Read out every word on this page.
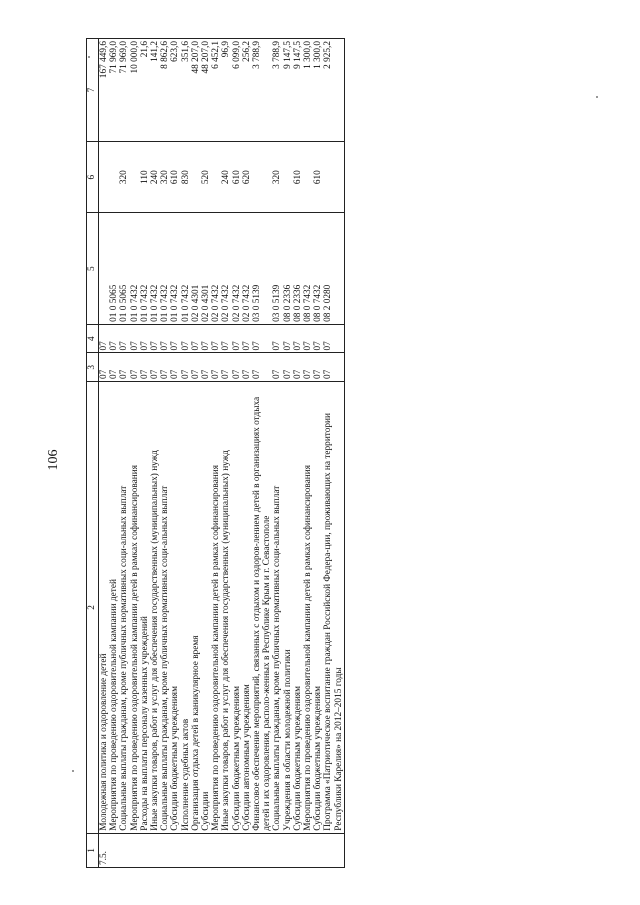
106
1	2	3	4	5	6	7
7.5.	Молодежная политика и оздоровление детей	07	07			167 449,6
	Мероприятия по проведению оздоровительной кампании детей	07	07	01 0 5065		71 969,0
	Социальные выплаты гражданам, кроме публичных нормативных соци-альных выплат	07	07	01 0 5065	320	71 969,0
	Мероприятия по проведению оздоровительной кампании детей в рамках софинансирования	07	07	01 0 7432		10 000,0
	Расходы на выплаты персоналу казенных учреждений	07	07	01 0 7432	110	21,6
	Иные закупки товаров, работ и услуг для обеспечения государственных (муниципальных) нужд	07	07	01 0 7432	240	141,2
	Социальные выплаты гражданам, кроме публичных нормативных соци-альных выплат	07	07	01 0 7432	320	8 862,6
	Субсидии бюджетным учреждениям	07	07	01 0 7432	610	623,0
	Исполнение судебных актов	07	07	01 0 7432	830	351,6
	Организация отдыха детей в каникулярное время	07	07	02 0 4301		48 207,0
	Субсидии	07	07	02 0 4301	520	48 207,0
	Мероприятия по проведению оздоровительной кампании детей в рамках софинансирования	07	07	02 0 7432		6 452,1
	Иные закупки товаров, работ и услуг для обеспечения государственных (муниципальных) нужд	07	07	02 0 7432	240	96,9
	Субсидии бюджетным учреждениям	07	07	02 0 7432	610	6 099,0
	Субсидии автономным учреждениям	07	07	02 0 7432	620	256,2
	Финансовое обеспечение мероприятий, связанных с отдыхом и оздоров-лением детей в организациях отдыха детей и их оздоровления, располо-женных в Республике Крым и г. Севастополе	07	07	03 0 5139		3 788,9
	Социальные выплаты гражданам, кроме публичных нормативных соци-альных выплат	07	07	03 0 5139	320	3 788,9
	Учреждения в области молодежной политики	07	07	08 0 2336		9 147,5
	Субсидии бюджетным учреждениям	07	07	08 0 2336	610	9 147,5
	Мероприятия по проведению оздоровительной кампании детей в рамках софинансирования	07	07	08 0 7432		1 300,0
	Субсидии бюджетным учреждениям	07	07	08 0 7432	610	1 300,0
	Программа «Патриотическое воспитание граждан Российской Федера-ции, проживающих на территории Республики Карелия» на 2012–2015 годы	07	07	08 2 0280		2 925,2
